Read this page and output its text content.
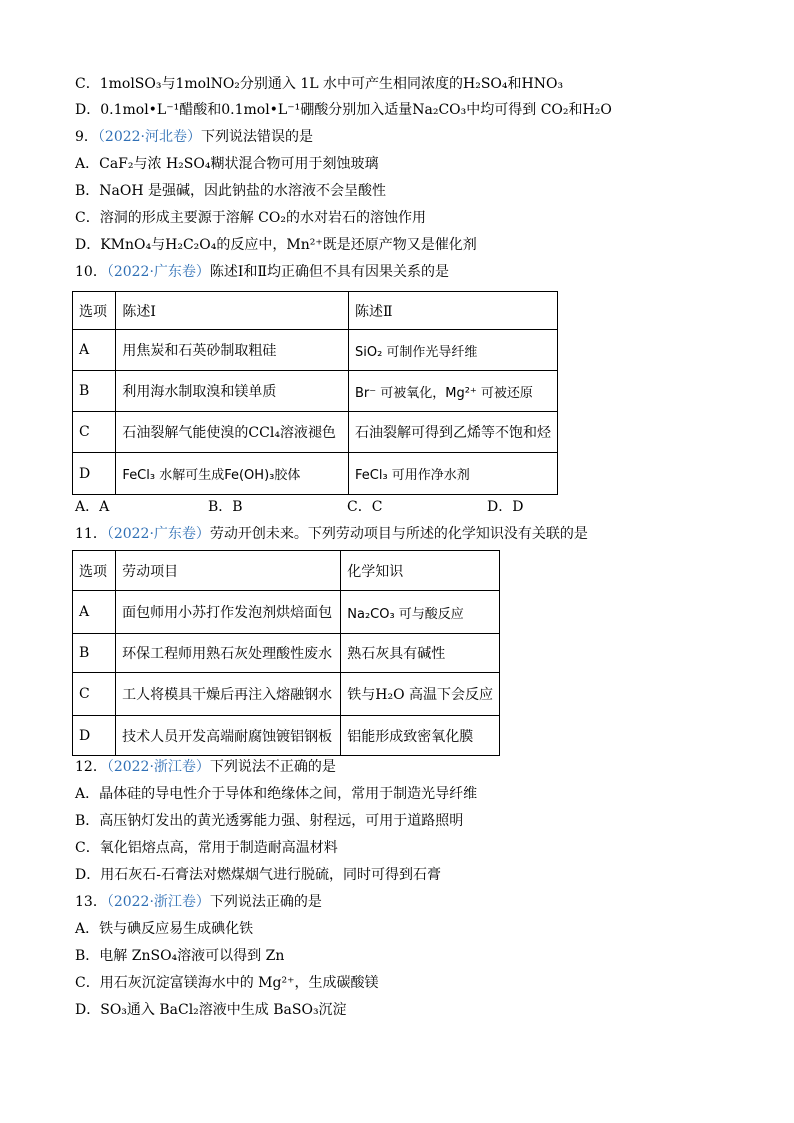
C．1molSO₃与1molNO₂分别通入 1L 水中可产生相同浓度的H₂SO₄和HNO₃
D．0.1mol•L⁻¹醋酸和0.1mol•L⁻¹硼酸分别加入适量Na₂CO₃中均可得到 CO₂和H₂O
9．（2022·河北卷）下列说法错误的是
A．CaF₂与浓 H₂SO₄糊状混合物可用于刻蚀玻璃
B．NaOH 是强碱，因此钠盐的水溶液不会呈酸性
C．溶洞的形成主要源于溶解 CO₂的水对岩石的溶蚀作用
D．KMnO₄与H₂C₂O₄的反应中，Mn²⁺既是还原产物又是催化剂
10．（2022·广东卷）陈述Ⅰ和Ⅱ均正确但不具有因果关系的是
选项	陈述Ⅰ	陈述Ⅱ
A	用焦炭和石英砂制取粗硅	SiO₂ 可制作光导纤维
B	利用海水制取溴和镁单质	Br⁻ 可被氧化，Mg²⁺ 可被还原
C	石油裂解气能使溴的CCl₄溶液褪色	石油裂解可得到乙烯等不饱和烃
D	FeCl₃ 水解可生成Fe(OH)₃胶体	FeCl₃ 可用作净水剂
A．A	B．B	C．C	D．D
11．（2022·广东卷）劳动开创未来。下列劳动项目与所述的化学知识没有关联的是
选项	劳动项目	化学知识
A	面包师用小苏打作发泡剂烘焙面包	Na₂CO₃ 可与酸反应
B	环保工程师用熟石灰处理酸性废水	熟石灰具有碱性
C	工人将模具干燥后再注入熔融钢水	铁与H₂O 高温下会反应
D	技术人员开发高端耐腐蚀镀铝钢板	铝能形成致密氧化膜
12．（2022·浙江卷）下列说法不正确的是
A．晶体硅的导电性介于导体和绝缘体之间，常用于制造光导纤维
B．高压钠灯发出的黄光透雾能力强、射程远，可用于道路照明
C．氧化铝熔点高，常用于制造耐高温材料
D．用石灰石-石膏法对燃煤烟气进行脱硫，同时可得到石膏
13．（2022·浙江卷）下列说法正确的是
A．铁与碘反应易生成碘化铁
B．电解 ZnSO₄溶液可以得到 Zn
C．用石灰沉淀富镁海水中的 Mg²⁺，生成碳酸镁
D．SO₃通入 BaCl₂溶液中生成 BaSO₃沉淀
